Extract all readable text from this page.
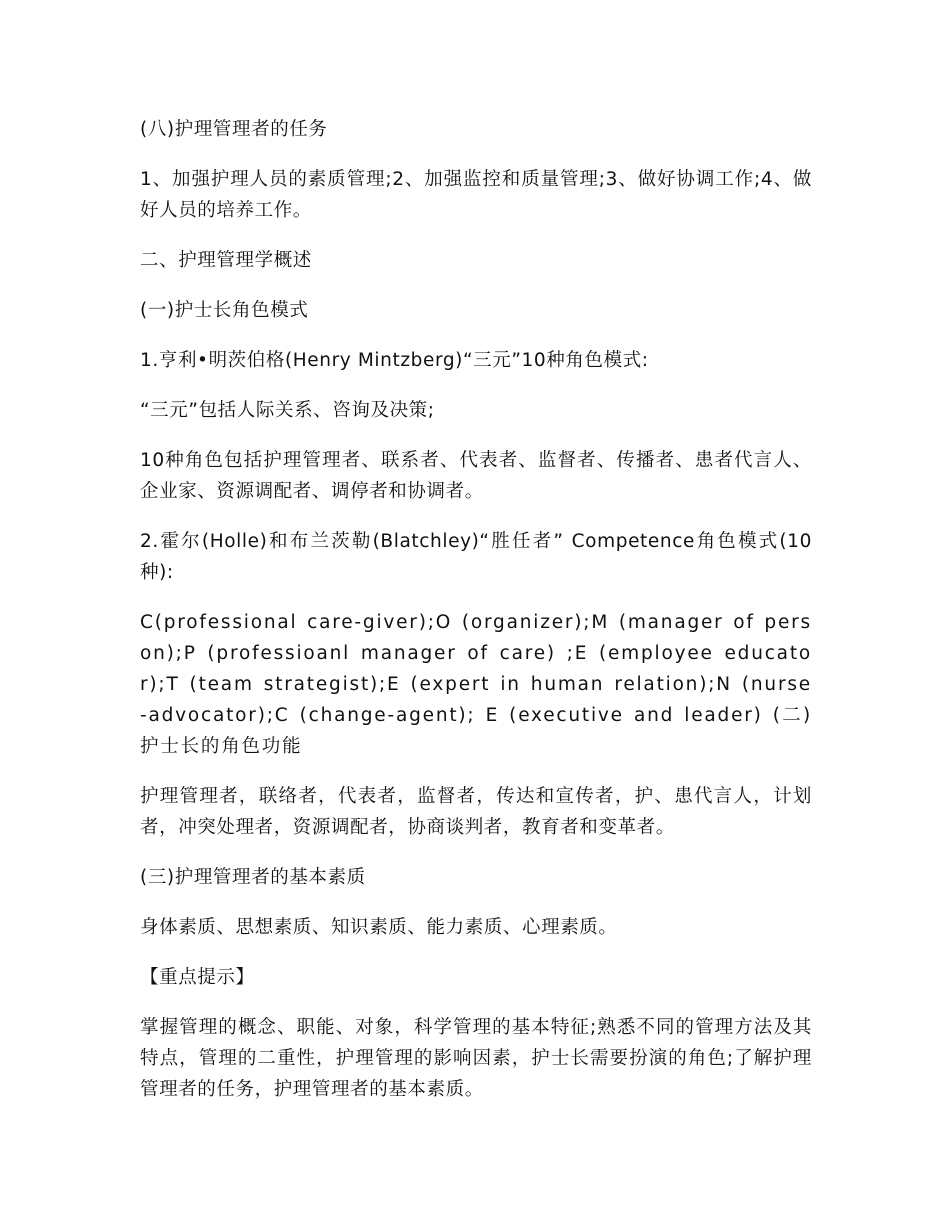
(八)护理管理者的任务

1、加强护理人员的素质管理;2、加强监控和质量管理;3、做好协调工作;4、做好人员的培养工作。

二、护理管理学概述

(一)护士长角色模式

1.亨利•明茨伯格(Henry Mintzberg)“三元”10种角色模式:

“三元”包括人际关系、咨询及决策;

10种角色包括护理管理者、联系者、代表者、监督者、传播者、患者代言人、企业家、资源调配者、调停者和协调者。

2.霍尔(Holle)和布兰茨勒(Blatchley)“胜任者” Competence角色模式(10种):

C(professional care-giver);O (organizer);M (manager of person);P (professioanl manager of care) ;E (employee educator);T (team strategist);E (expert in human relation);N (nurse -advocator);C (change-agent); E (executive and leader) (二)护士长的角色功能

护理管理者，联络者，代表者，监督者，传达和宣传者，护、患代言人，计划者，冲突处理者，资源调配者，协商谈判者，教育者和变革者。

(三)护理管理者的基本素质

身体素质、思想素质、知识素质、能力素质、心理素质。

【重点提示】

掌握管理的概念、职能、对象，科学管理的基本特征;熟悉不同的管理方法及其特点，管理的二重性，护理管理的影响因素，护士长需要扮演的角色;了解护理管理者的任务，护理管理者的基本素质。
